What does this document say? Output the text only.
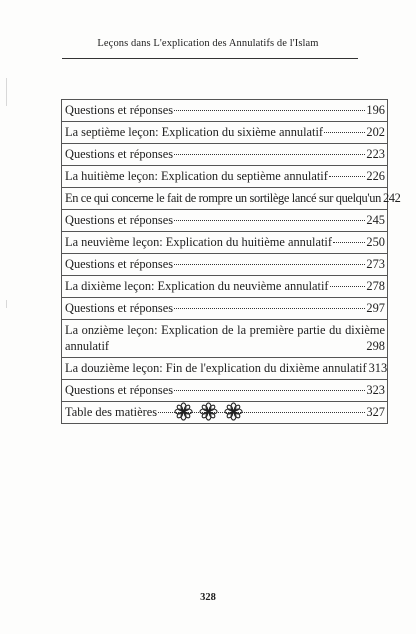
Leçons dans L'explication des Annulatifs de l'Islam
Questions et réponses	196
La septième leçon: Explication du sixième annulatif	202
Questions et réponses	223
La huitième leçon: Explication du septième annulatif	226
En ce qui concerne le fait de rompre un sortilège lancé sur quelqu'un 242
Questions et réponses	245
La neuvième leçon: Explication du huitième annulatif	250
Questions et réponses	273
La dixième leçon: Explication du neuvième annulatif	278
Questions et réponses	297
La onzième leçon: Explication de la première partie du dixième
annulatif	298
La douzième leçon: Fin de l'explication du dixième annulatif 313
Questions et réponses	323
Table des matières	327
328
